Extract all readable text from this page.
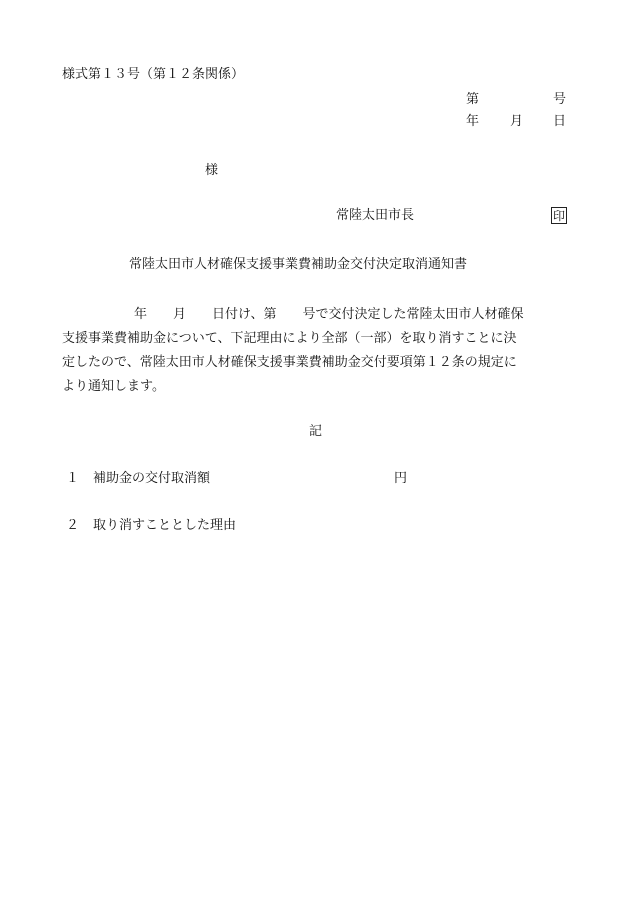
様式第１３号（第１２条関係）
第	号
年 月 日
様
常陸太田市長	印
常陸太田市人材確保支援事業費補助金交付決定取消通知書
年　　月　　日付け、第　　号で交付決定した常陸太田市人材確保
支援事業費補助金について、下記理由により全部（一部）を取り消すことに決
定したので、常陸太田市人材確保支援事業費補助金交付要項第１２条の規定に
より通知します。
記
１ 補助金の交付取消額	円
２ 取り消すこととした理由
